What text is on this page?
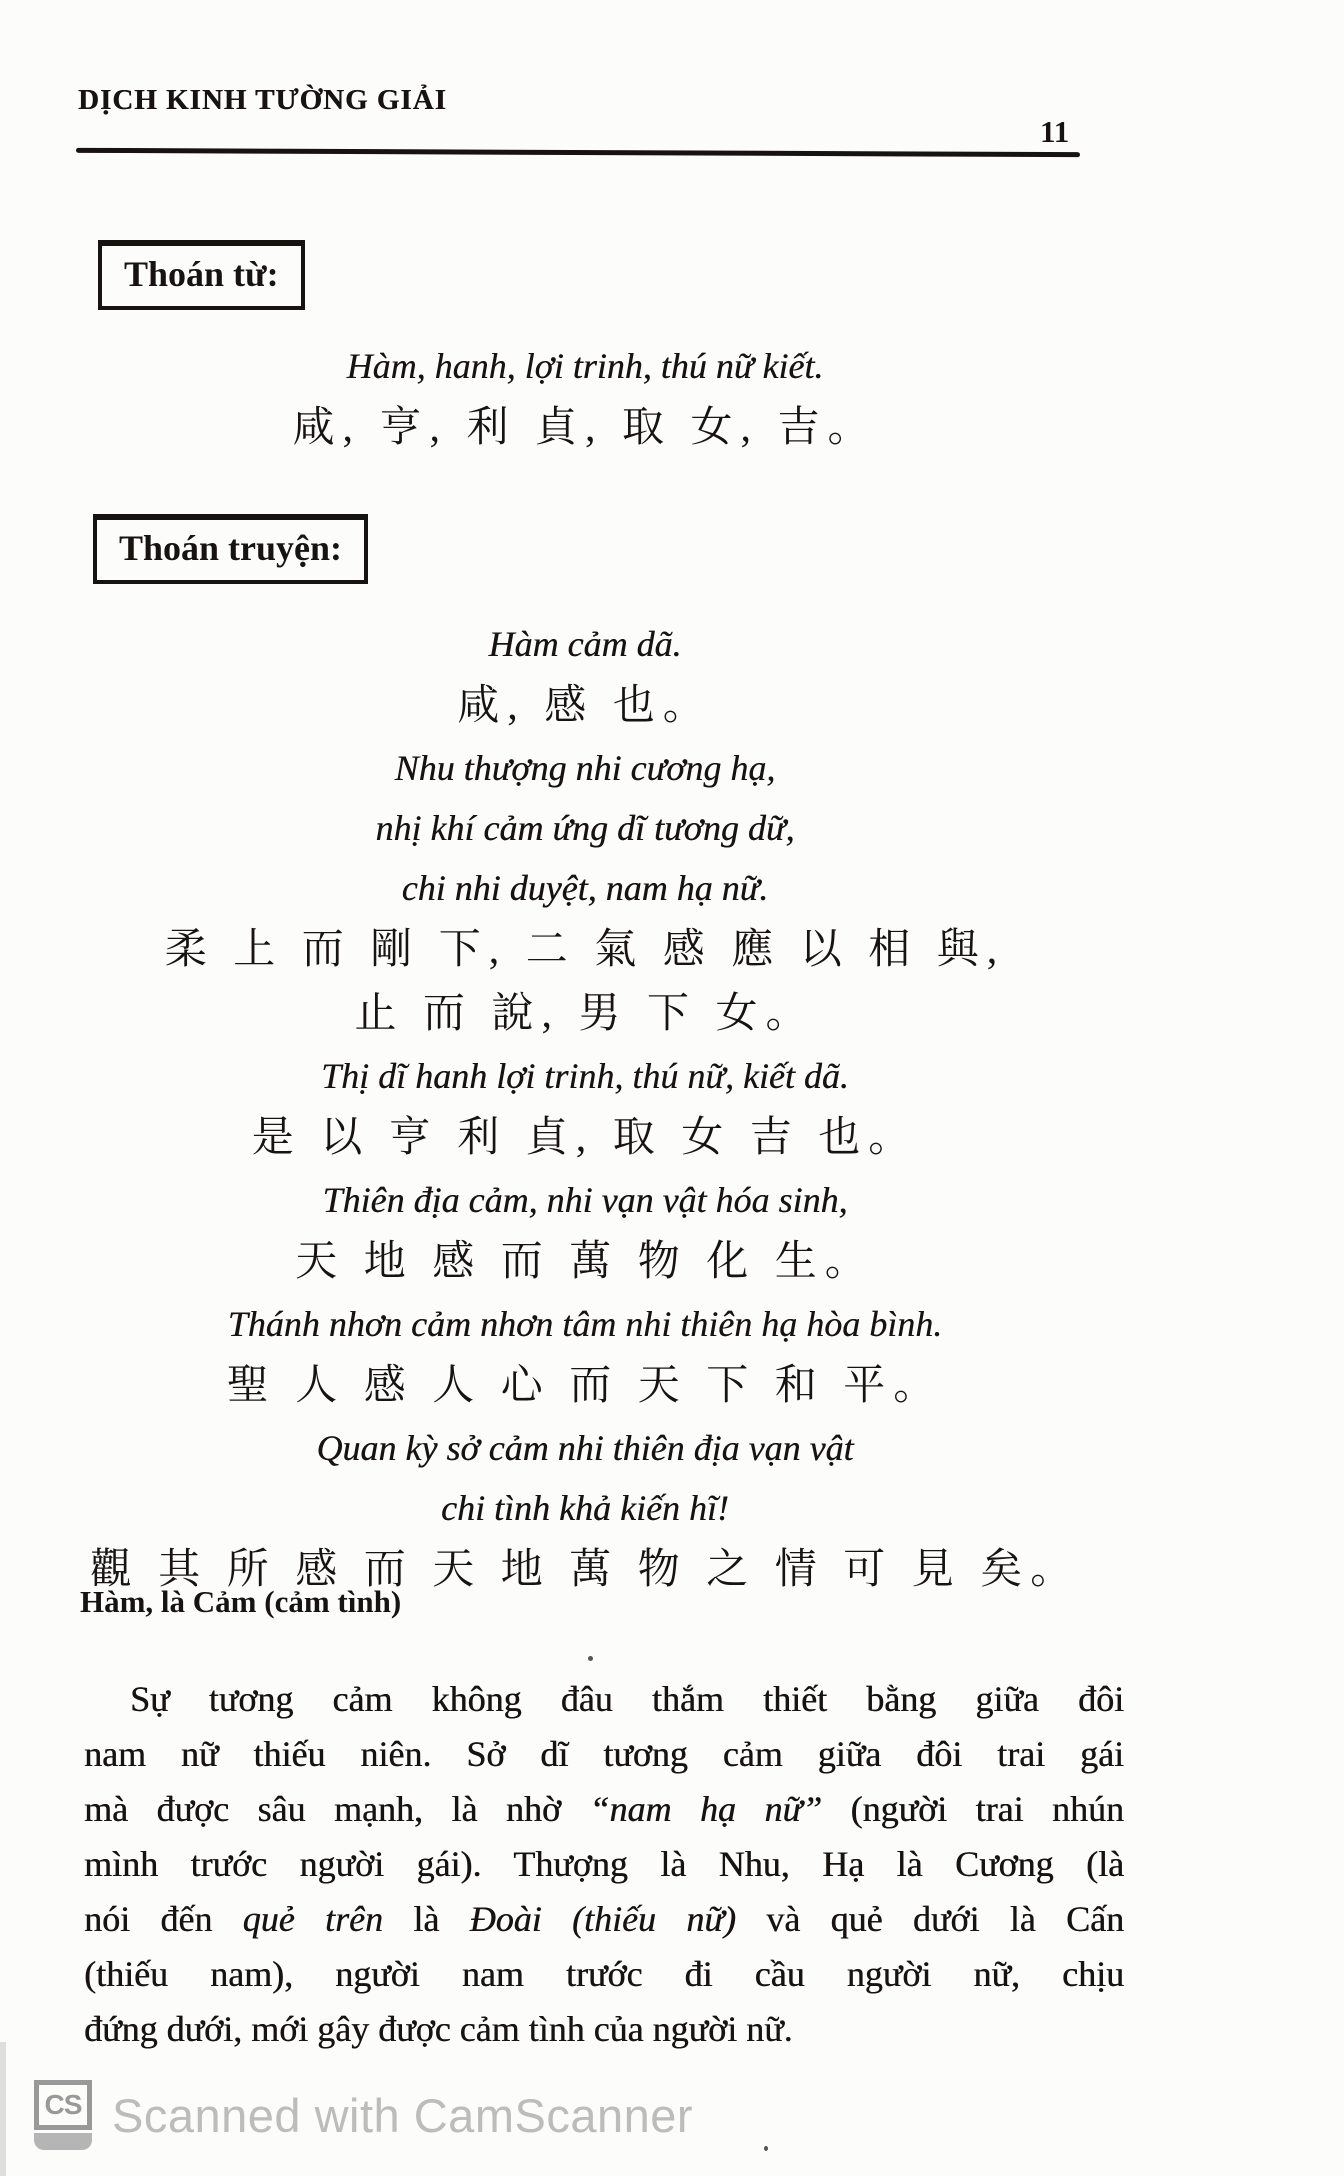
DỊCH KINH TƯỜNG GIẢI
11
Thoán từ:
Hàm, hanh, lợi trinh, thú nữ kiết.
咸, 亨, 利 貞, 取 女, 吉。
Thoán truyện:
Hàm cảm dã.
咸, 感 也。
Nhu thượng nhi cương hạ,
nhị khí cảm ứng dĩ tương dữ,
chi nhi duyệt, nam hạ nữ.
柔 上 而 剛 下, 二 氣 感 應 以 相 與,
止 而 說, 男 下 女。
Thị dĩ hanh lợi trinh, thú nữ, kiết dã.
是 以 亨 利 貞, 取 女 吉 也。
Thiên địa cảm, nhi vạn vật hóa sinh,
天 地 感 而 萬 物 化 生。
Thánh nhơn cảm nhơn tâm nhi thiên hạ hòa bình.
聖 人 感 人 心 而 天 下 和 平。
Quan kỳ sở cảm nhi thiên địa vạn vật
chi tình khả kiến hĩ!
觀 其 所 感 而 天 地 萬 物 之 情 可 見 矣。
Hàm, là Cảm (cảm tình)
Sự tương cảm không đâu thắm thiết bằng giữa đôi
nam nữ thiếu niên. Sở dĩ tương cảm giữa đôi trai gái
mà được sâu mạnh, là nhờ “nam hạ nữ” (người trai nhún
mình trước người gái). Thượng là Nhu, Hạ là Cương (là
nói đến quẻ trên là Đoài (thiếu nữ) và quẻ dưới là Cấn
(thiếu nam), người nam trước đi cầu người nữ, chịu
đứng dưới, mới gây được cảm tình của người nữ.
CS Scanned with CamScanner
